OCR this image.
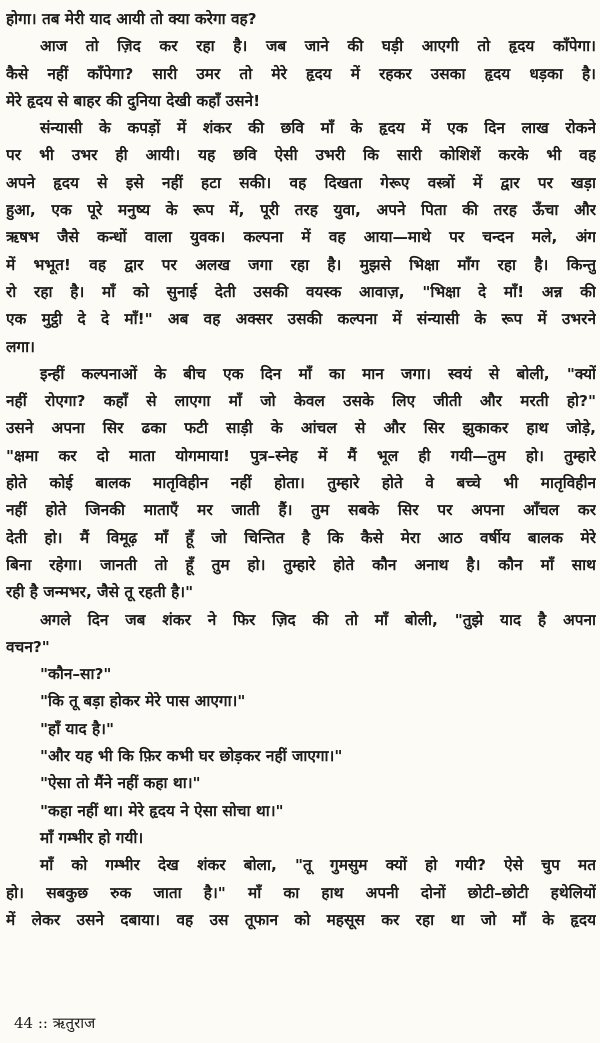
होगा। तब मेरी याद आयी तो क्या करेगा वह?
आज तो ज़िद कर रहा है। जब जाने की घड़ी आएगी तो हृदय काँपेगा।
कैसे नहीं काँपेगा? सारी उमर तो मेरे हृदय में रहकर उसका हृदय धड़का है।
मेरे हृदय से बाहर की दुनिया देखी कहाँ उसने!
संन्यासी के कपड़ों में शंकर की छवि माँ के हृदय में एक दिन लाख रोकने
पर भी उभर ही आयी। यह छवि ऐसी उभरी कि सारी कोशिशें करके भी वह
अपने हृदय से इसे नहीं हटा सकी। वह दिखता गेरूए वस्त्रों में द्वार पर खड़ा
हुआ, एक पूरे मनुष्य के रूप में, पूरी तरह युवा, अपने पिता की तरह ऊँचा और
ऋषभ जैसे कन्धों वाला युवक। कल्पना में वह आया—माथे पर चन्दन मले, अंग
में भभूत! वह द्वार पर अलख जगा रहा है। मुझसे भिक्षा माँग रहा है। किन्तु
रो रहा है। माँ को सुनाई देती उसकी वयस्क आवाज़, "भिक्षा दे माँ! अन्न की
एक मुट्ठी दे दे माँ!" अब वह अक्सर उसकी कल्पना में संन्यासी के रूप में उभरने
लगा।
इन्हीं कल्पनाओं के बीच एक दिन माँ का मान जगा। स्वयं से बोली, "क्यों
नहीं रोएगा? कहाँ से लाएगा माँ जो केवल उसके लिए जीती और मरती हो?"
उसने अपना सिर ढका फटी साड़ी के आंचल से और सिर झुकाकर हाथ जोड़े,
"क्षमा कर दो माता योगमाया! पुत्र–स्नेह में मैं भूल ही गयी—तुम हो। तुम्हारे
होते कोई बालक मातृविहीन नहीं होता। तुम्हारे होते वे बच्चे भी मातृविहीन
नहीं होते जिनकी माताएँ मर जाती हैं। तुम सबके सिर पर अपना आँचल कर
देती हो। मैं विमूढ़ माँ हूँ जो चिन्तित है कि कैसे मेरा आठ वर्षीय बालक मेरे
बिना रहेगा। जानती तो हूँ तुम हो। तुम्हारे होते कौन अनाथ है। कौन माँ साथ
रही है जन्मभर, जैसे तू रहती है।"
अगले दिन जब शंकर ने फिर ज़िद की तो माँ बोली, "तुझे याद है अपना
वचन?"
"कौन–सा?"
"कि तू बड़ा होकर मेरे पास आएगा।"
"हाँ याद है।"
"और यह भी कि फ़िर कभी घर छोड़कर नहीं जाएगा।"
"ऐसा तो मैंने नहीं कहा था।"
"कहा नहीं था। मेरे हृदय ने ऐसा सोचा था।"
माँ गम्भीर हो गयी।
माँ को गम्भीर देख शंकर बोला, "तू गुमसुम क्यों हो गयी? ऐसे चुप मत
हो। सबकुछ रुक जाता है।" माँ का हाथ अपनी दोनों छोटी–छोटी हथेलियों
में लेकर उसने दबाया। वह उस तूफान को महसूस कर रहा था जो माँ के हृदय
44 :: ऋतुराज
